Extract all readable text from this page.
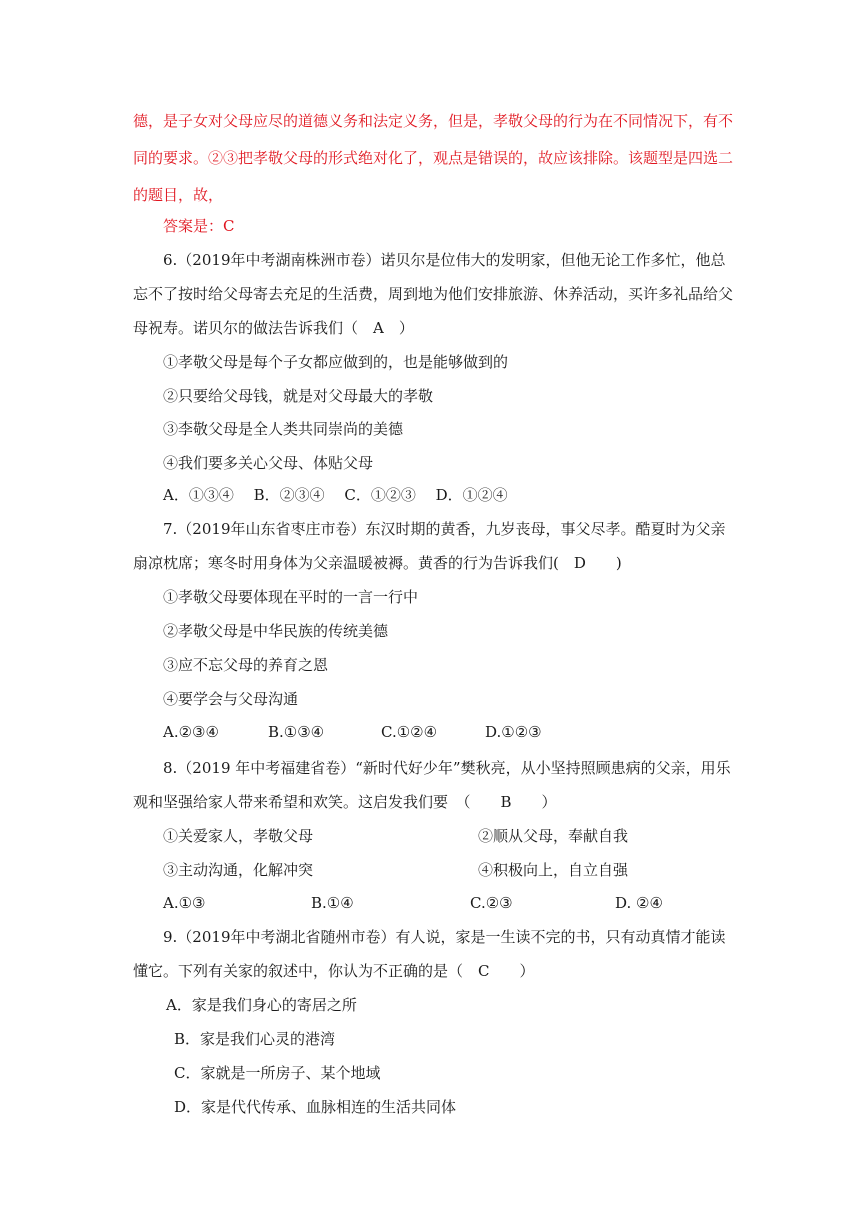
德，是子女对父母应尽的道德义务和法定义务，但是，孝敬父母的行为在不同情况下，有不
同的要求。②③把孝敬父母的形式绝对化了，观点是错误的，故应该排除。该题型是四选二
的题目，故，
答案是：C
6.（2019年中考湖南株洲市卷）诺贝尔是位伟大的发明家，但他无论工作多忙，他总
忘不了按时给父母寄去充足的生活费，周到地为他们安排旅游、休养活动，买许多礼品给父
母祝寿。诺贝尔的做法告诉我们（　A　）
①孝敬父母是每个子女都应做到的，也是能够做到的
②只要给父母钱，就是对父母最大的孝敬
③李敬父母是全人类共同崇尚的美德
④我们要多关心父母、体贴父母
A．①③④　 B．②③④　 C．①②③　 D．①②④
7.（2019年山东省枣庄市卷）东汉时期的黄香，九岁丧母，事父尽孝。酷夏时为父亲
扇凉枕席；寒冬时用身体为父亲温暖被褥。黄香的行为告诉我们(　D　　)
①孝敬父母要体现在平时的一言一行中
②孝敬父母是中华民族的传统美德
③应不忘父母的养育之恩
④要学会与父母沟通
A.②③④	B.①③④	C.①②④	D.①②③
8.（2019 年中考福建省卷）“新时代好少年”樊秋亮，从小坚持照顾患病的父亲，用乐
观和坚强给家人带来希望和欢笑。这启发我们要　（　　B　　）
①关爱家人，孝敬父母	②顺从父母，奉献自我
③主动沟通，化解冲突	④积极向上，自立自强
A.①③	B.①④	C.②③	D. ②④
9.（2019年中考湖北省随州市卷）有人说，家是一生读不完的书，只有动真情才能读
懂它。下列有关家的叙述中，你认为不正确的是（　C　　）
A．家是我们身心的寄居之所
B．家是我们心灵的港湾
C．家就是一所房子、某个地域
D．家是代代传承、血脉相连的生活共同体
